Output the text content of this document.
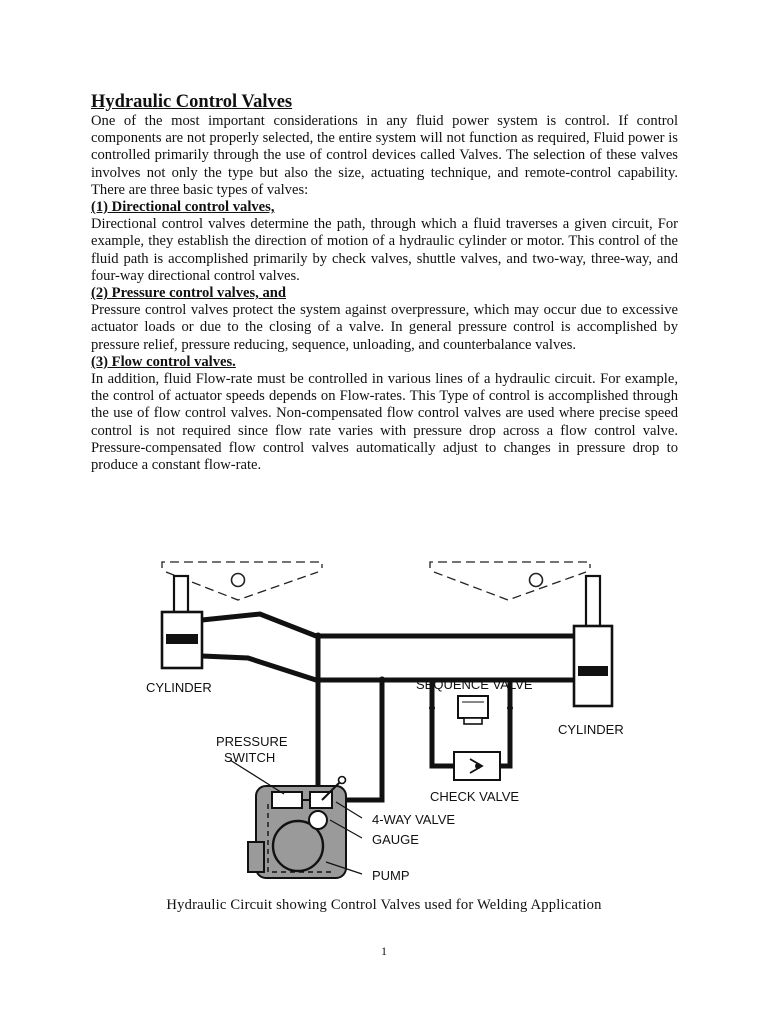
Hydraulic Control Valves

One of the most important considerations in any fluid power system is control. If control components are not properly selected, the entire system will not function as required, Fluid power is controlled primarily through the use of control devices called Valves. The selection of these valves involves not only the type but also the size, actuating technique, and remote-control capability. There are three basic types of valves:

(1) Directional control valves,

Directional control valves determine the path, through which a fluid traverses a given circuit, For example, they establish the direction of motion of a hydraulic cylinder or motor. This control of the fluid path is accomplished primarily by check valves, shuttle valves, and two-way, three-way, and four-way directional control valves.

(2) Pressure control valves, and

Pressure control valves protect the system against overpressure, which may occur due to excessive actuator loads or due to the closing of a valve. In general pressure control is accomplished by pressure relief, pressure reducing, sequence, unloading, and counterbalance valves.

(3) Flow control valves.

In addition, fluid Flow-rate must be controlled in various lines of a hydraulic circuit. For example, the control of actuator speeds depends on Flow-rates. This Type of control is accomplished through the use of flow control valves. Non-compensated flow control valves are used where precise speed control is not required since flow rate varies with pressure drop across a flow control valve. Pressure-compensated flow control valves automatically adjust to changes in pressure drop to produce a constant flow-rate.

CYLINDER	SEQUENCE VALVE
CYLINDER
PRESSURE
SWITCH
CHECK VALVE
4-WAY VALVE
GAUGE
PUMP
Hydraulic Circuit showing Control Valves used for Welding Application
1
